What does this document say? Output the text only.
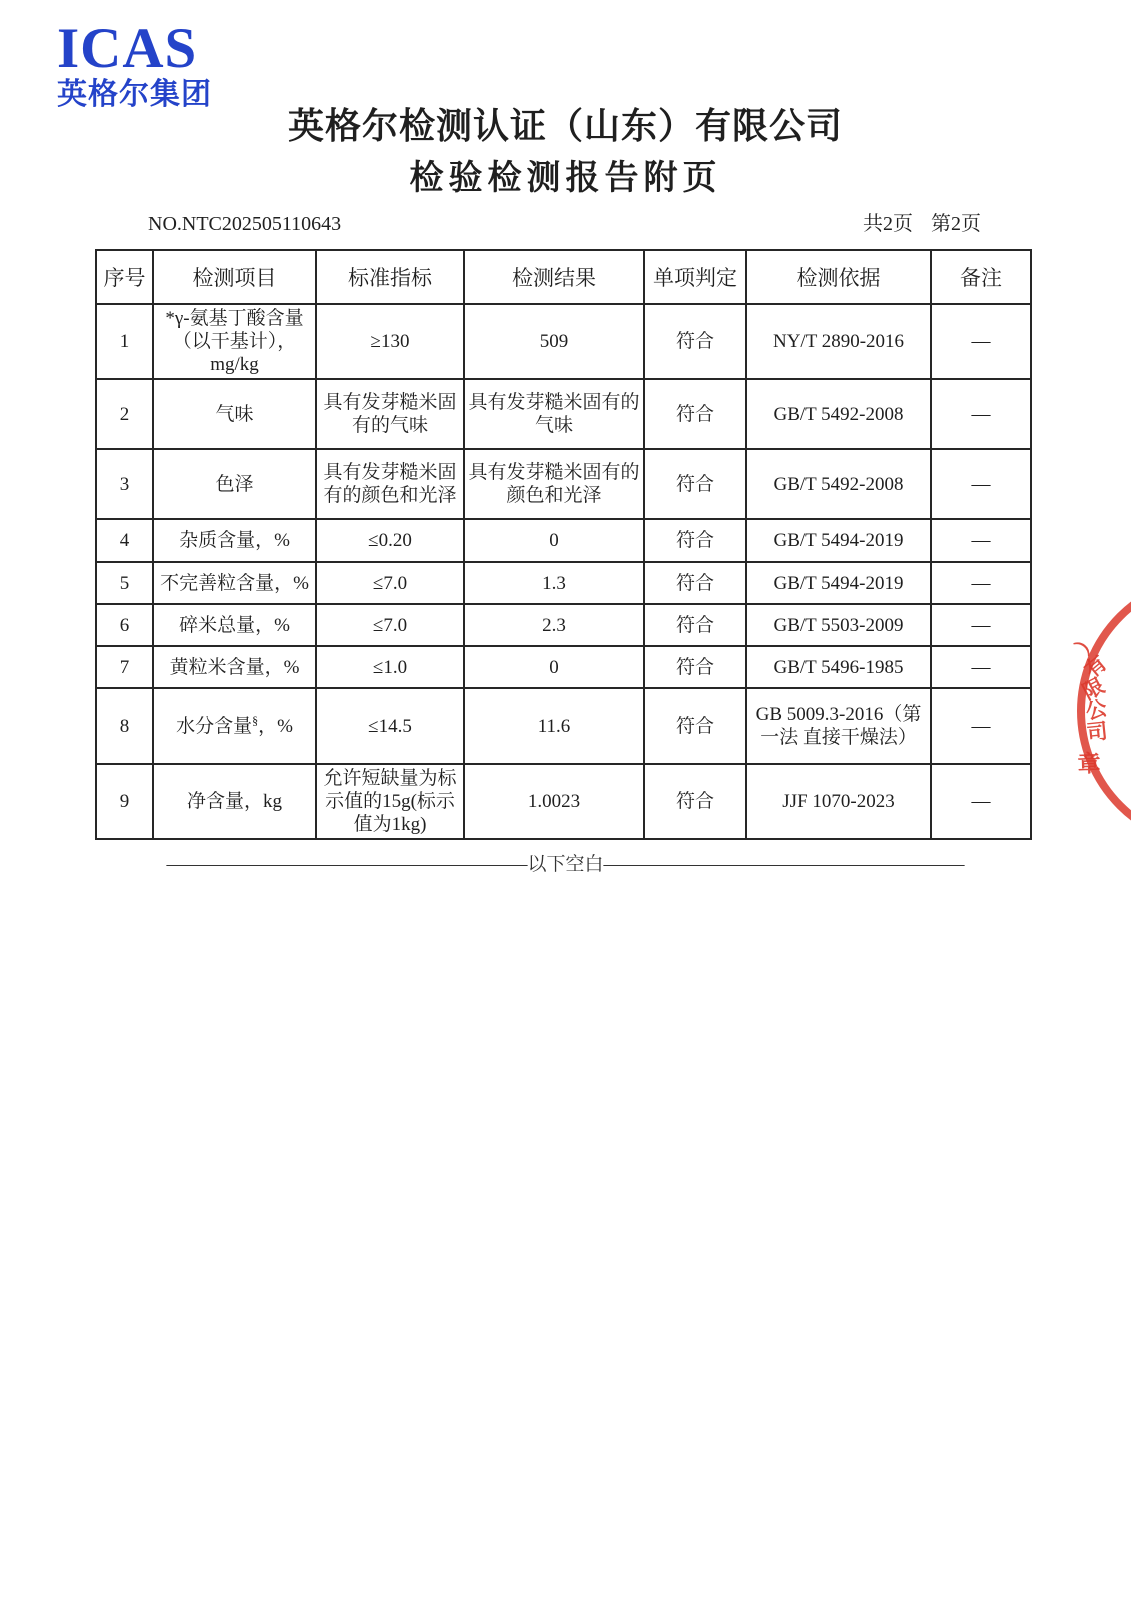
ICAS
英格尔集团
英格尔检测认证（山东）有限公司
检验检测报告附页
NO.NTC202505110643	共2页 第2页
序号	检测项目	标准指标	检测结果	单项判定	检测依据	备注
1	*γ-氨基丁酸含量（以干基计），mg/kg	≥130	509	符合	NY/T 2890-2016	—
2	气味	具有发芽糙米固有的气味	具有发芽糙米固有的气味	符合	GB/T 5492-2008	—
3	色泽	具有发芽糙米固有的颜色和光泽	具有发芽糙米固有的颜色和光泽	符合	GB/T 5492-2008	—
4	杂质含量，%	≤0.20	0	符合	GB/T 5494-2019	—
5	不完善粒含量，%	≤7.0	1.3	符合	GB/T 5494-2019	—
6	碎米总量，%	≤7.0	2.3	符合	GB/T 5503-2009	—
7	黄粒米含量，%	≤1.0	0	符合	GB/T 5496-1985	—
8	水分含量§，%	≤14.5	11.6	符合	GB 5009.3-2016（第一法 直接干燥法）	—
9	净含量，kg	允许短缺量为标示值的15g(标示值为1kg)	1.0023	符合	JJF 1070-2023	—
———————————————————以下空白———————————————————
）
有
限
公
司
章
